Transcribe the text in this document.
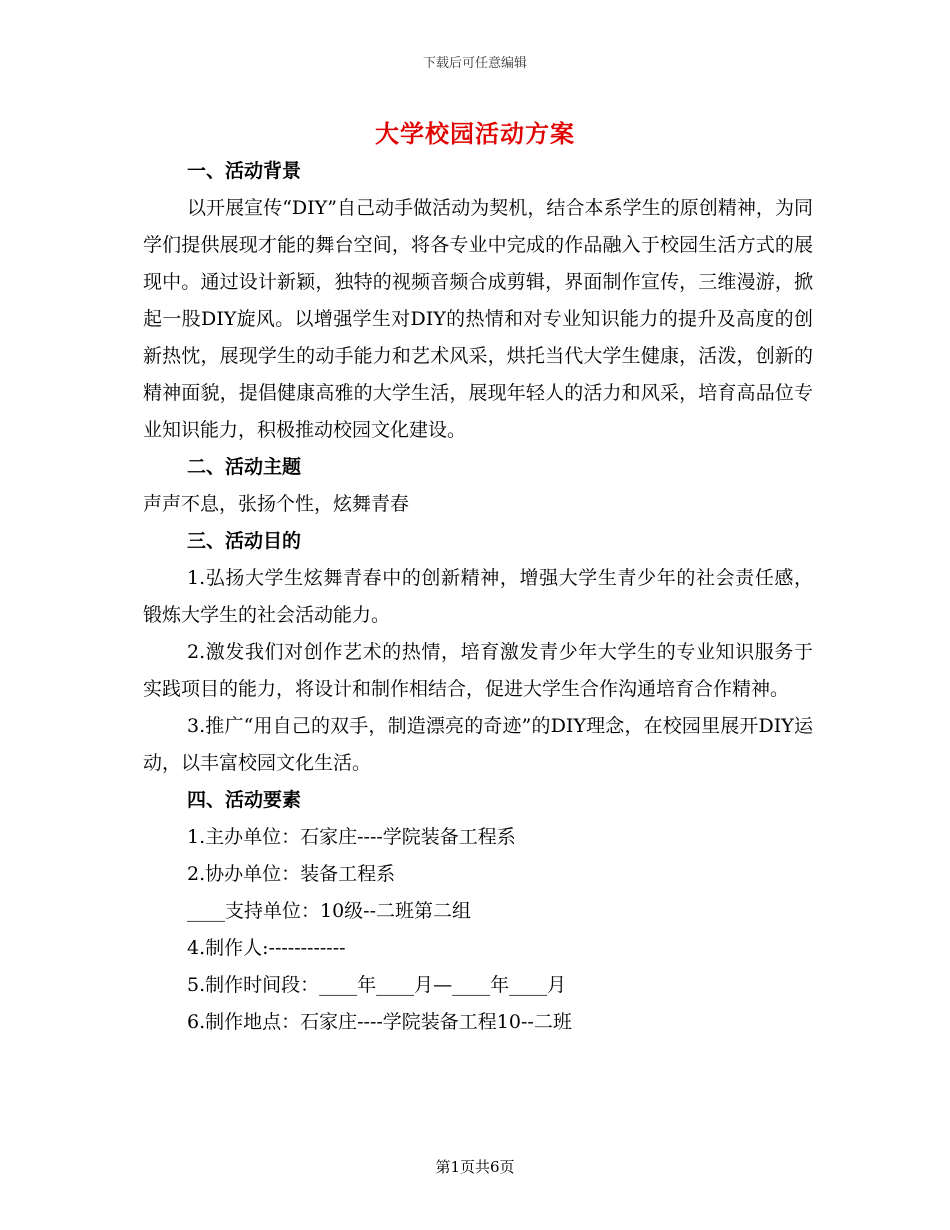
下载后可任意编辑
大学校园活动方案
一、活动背景
以开展宣传“DIY”自己动手做活动为契机，结合本系学生的原创精神，为同学们提供展现才能的舞台空间，将各专业中完成的作品融入于校园生活方式的展现中。通过设计新颖，独特的视频音频合成剪辑，界面制作宣传，三维漫游，掀起一股DIY旋风。以增强学生对DIY的热情和对专业知识能力的提升及高度的创新热忱，展现学生的动手能力和艺术风采，烘托当代大学生健康，活泼，创新的精神面貌，提倡健康高雅的大学生活，展现年轻人的活力和风采，培育高品位专业知识能力，积极推动校园文化建设。
二、活动主题
声声不息，张扬个性，炫舞青春
三、活动目的
1.弘扬大学生炫舞青春中的创新精神，增强大学生青少年的社会责任感，锻炼大学生的社会活动能力。
2.激发我们对创作艺术的热情，培育激发青少年大学生的专业知识服务于实践项目的能力，将设计和制作相结合，促进大学生合作沟通培育合作精神。
3.推广“用自己的双手，制造漂亮的奇迹”的DIY理念，在校园里展开DIY运动，以丰富校园文化生活。
四、活动要素
1.主办单位：石家庄----学院装备工程系
2.协办单位：装备工程系
____支持单位：10级--二班第二组
4.制作人:------------
5.制作时间段：____年____月—____年____月
6.制作地点：石家庄----学院装备工程10--二班
第1页共6页
